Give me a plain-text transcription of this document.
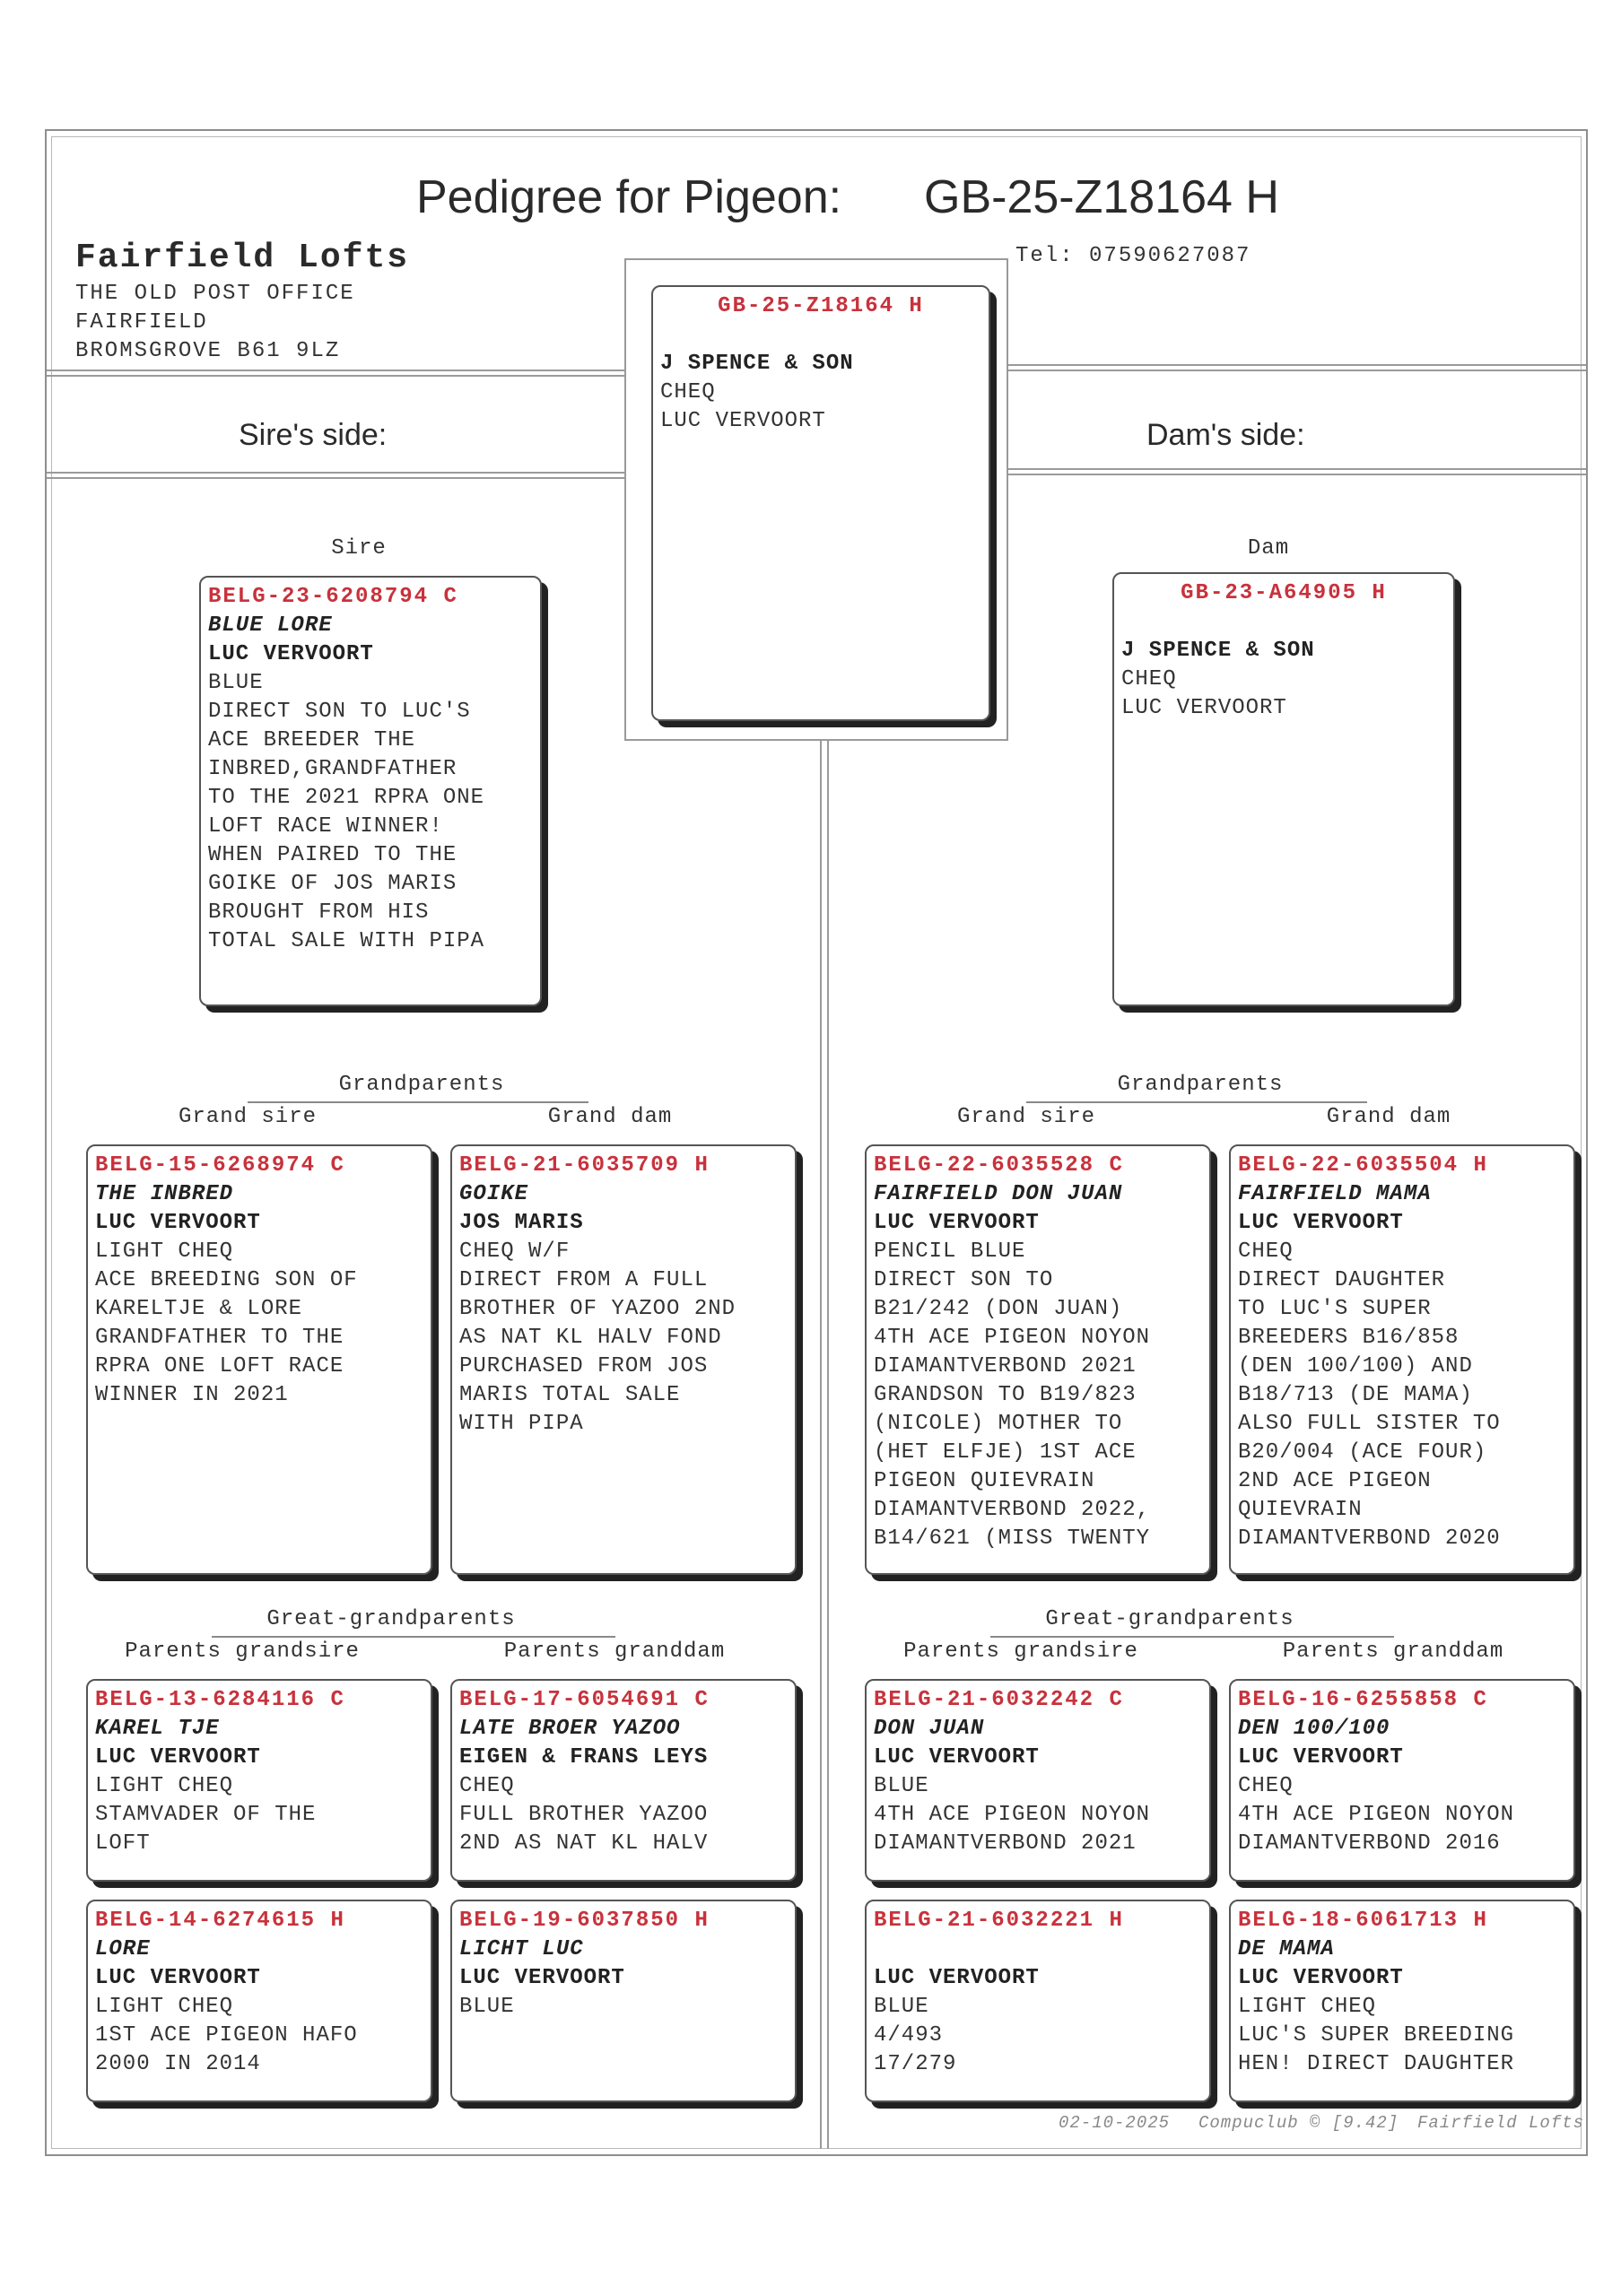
Pedigree for Pigeon: GB-25-Z18164 H
Fairfield Lofts
THE OLD POST OFFICE
FAIRFIELD
BROMSGROVE B61 9LZ
Tel: 07590627087
Sire's side:	Dam's side:
GB-25-Z18164 H
J SPENCE & SON
CHEQ
LUC VERVOORT
Sire	Dam
BELG-23-6208794 C
BLUE LORE
LUC VERVOORT
BLUE
DIRECT SON TO LUC'S
ACE BREEDER THE
INBRED,GRANDFATHER
TO THE 2021 RPRA ONE
LOFT RACE WINNER!
WHEN PAIRED TO THE
GOIKE OF JOS MARIS
BROUGHT FROM HIS
TOTAL SALE WITH PIPA
GB-23-A64905 H
J SPENCE & SON
CHEQ
LUC VERVOORT
Grandparents
Grand sire	Grand dam
Grandparents
Grand sire	Grand dam
BELG-15-6268974 C
THE INBRED
LUC VERVOORT
LIGHT CHEQ
ACE BREEDING SON OF
KARELTJE & LORE
GRANDFATHER TO THE
RPRA ONE LOFT RACE
WINNER IN 2021
BELG-21-6035709 H
GOIKE
JOS MARIS
CHEQ W/F
DIRECT FROM A FULL
BROTHER OF YAZOO 2ND
AS NAT KL HALV FOND
PURCHASED FROM JOS
MARIS TOTAL SALE
WITH PIPA
BELG-22-6035528 C
FAIRFIELD DON JUAN
LUC VERVOORT
PENCIL BLUE
DIRECT SON TO
B21/242 (DON JUAN)
4TH ACE PIGEON NOYON
DIAMANTVERBOND 2021
GRANDSON TO B19/823
(NICOLE) MOTHER TO
(HET ELFJE) 1ST ACE
PIGEON QUIEVRAIN
DIAMANTVERBOND 2022,
B14/621 (MISS TWENTY
BELG-22-6035504 H
FAIRFIELD MAMA
LUC VERVOORT
CHEQ
DIRECT DAUGHTER
TO LUC'S SUPER
BREEDERS B16/858
(DEN 100/100) AND
B18/713 (DE MAMA)
ALSO FULL SISTER TO
B20/004 (ACE FOUR)
2ND ACE PIGEON
QUIEVRAIN
DIAMANTVERBOND 2020
Great-grandparents
Parents grandsire	Parents granddam
Great-grandparents
Parents grandsire	Parents granddam
BELG-13-6284116 C
KAREL TJE
LUC VERVOORT
LIGHT CHEQ
STAMVADER OF THE
LOFT
BELG-17-6054691 C
LATE BROER YAZOO
EIGEN & FRANS LEYS
CHEQ
FULL BROTHER YAZOO
2ND AS NAT KL HALV
BELG-21-6032242 C
DON JUAN
LUC VERVOORT
BLUE
4TH ACE PIGEON NOYON
DIAMANTVERBOND 2021
BELG-16-6255858 C
DEN 100/100
LUC VERVOORT
CHEQ
4TH ACE PIGEON NOYON
DIAMANTVERBOND 2016
BELG-14-6274615 H
LORE
LUC VERVOORT
LIGHT CHEQ
1ST ACE PIGEON HAFO
2000 IN 2014
BELG-19-6037850 H
LICHT LUC
LUC VERVOORT
BLUE
BELG-21-6032221 H
LUC VERVOORT
BLUE
4/493
17/279
BELG-18-6061713 H
DE MAMA
LUC VERVOORT
LIGHT CHEQ
LUC'S SUPER BREEDING
HEN! DIRECT DAUGHTER
02-10-2025 Compuclub © [9.42] Fairfield Lofts
